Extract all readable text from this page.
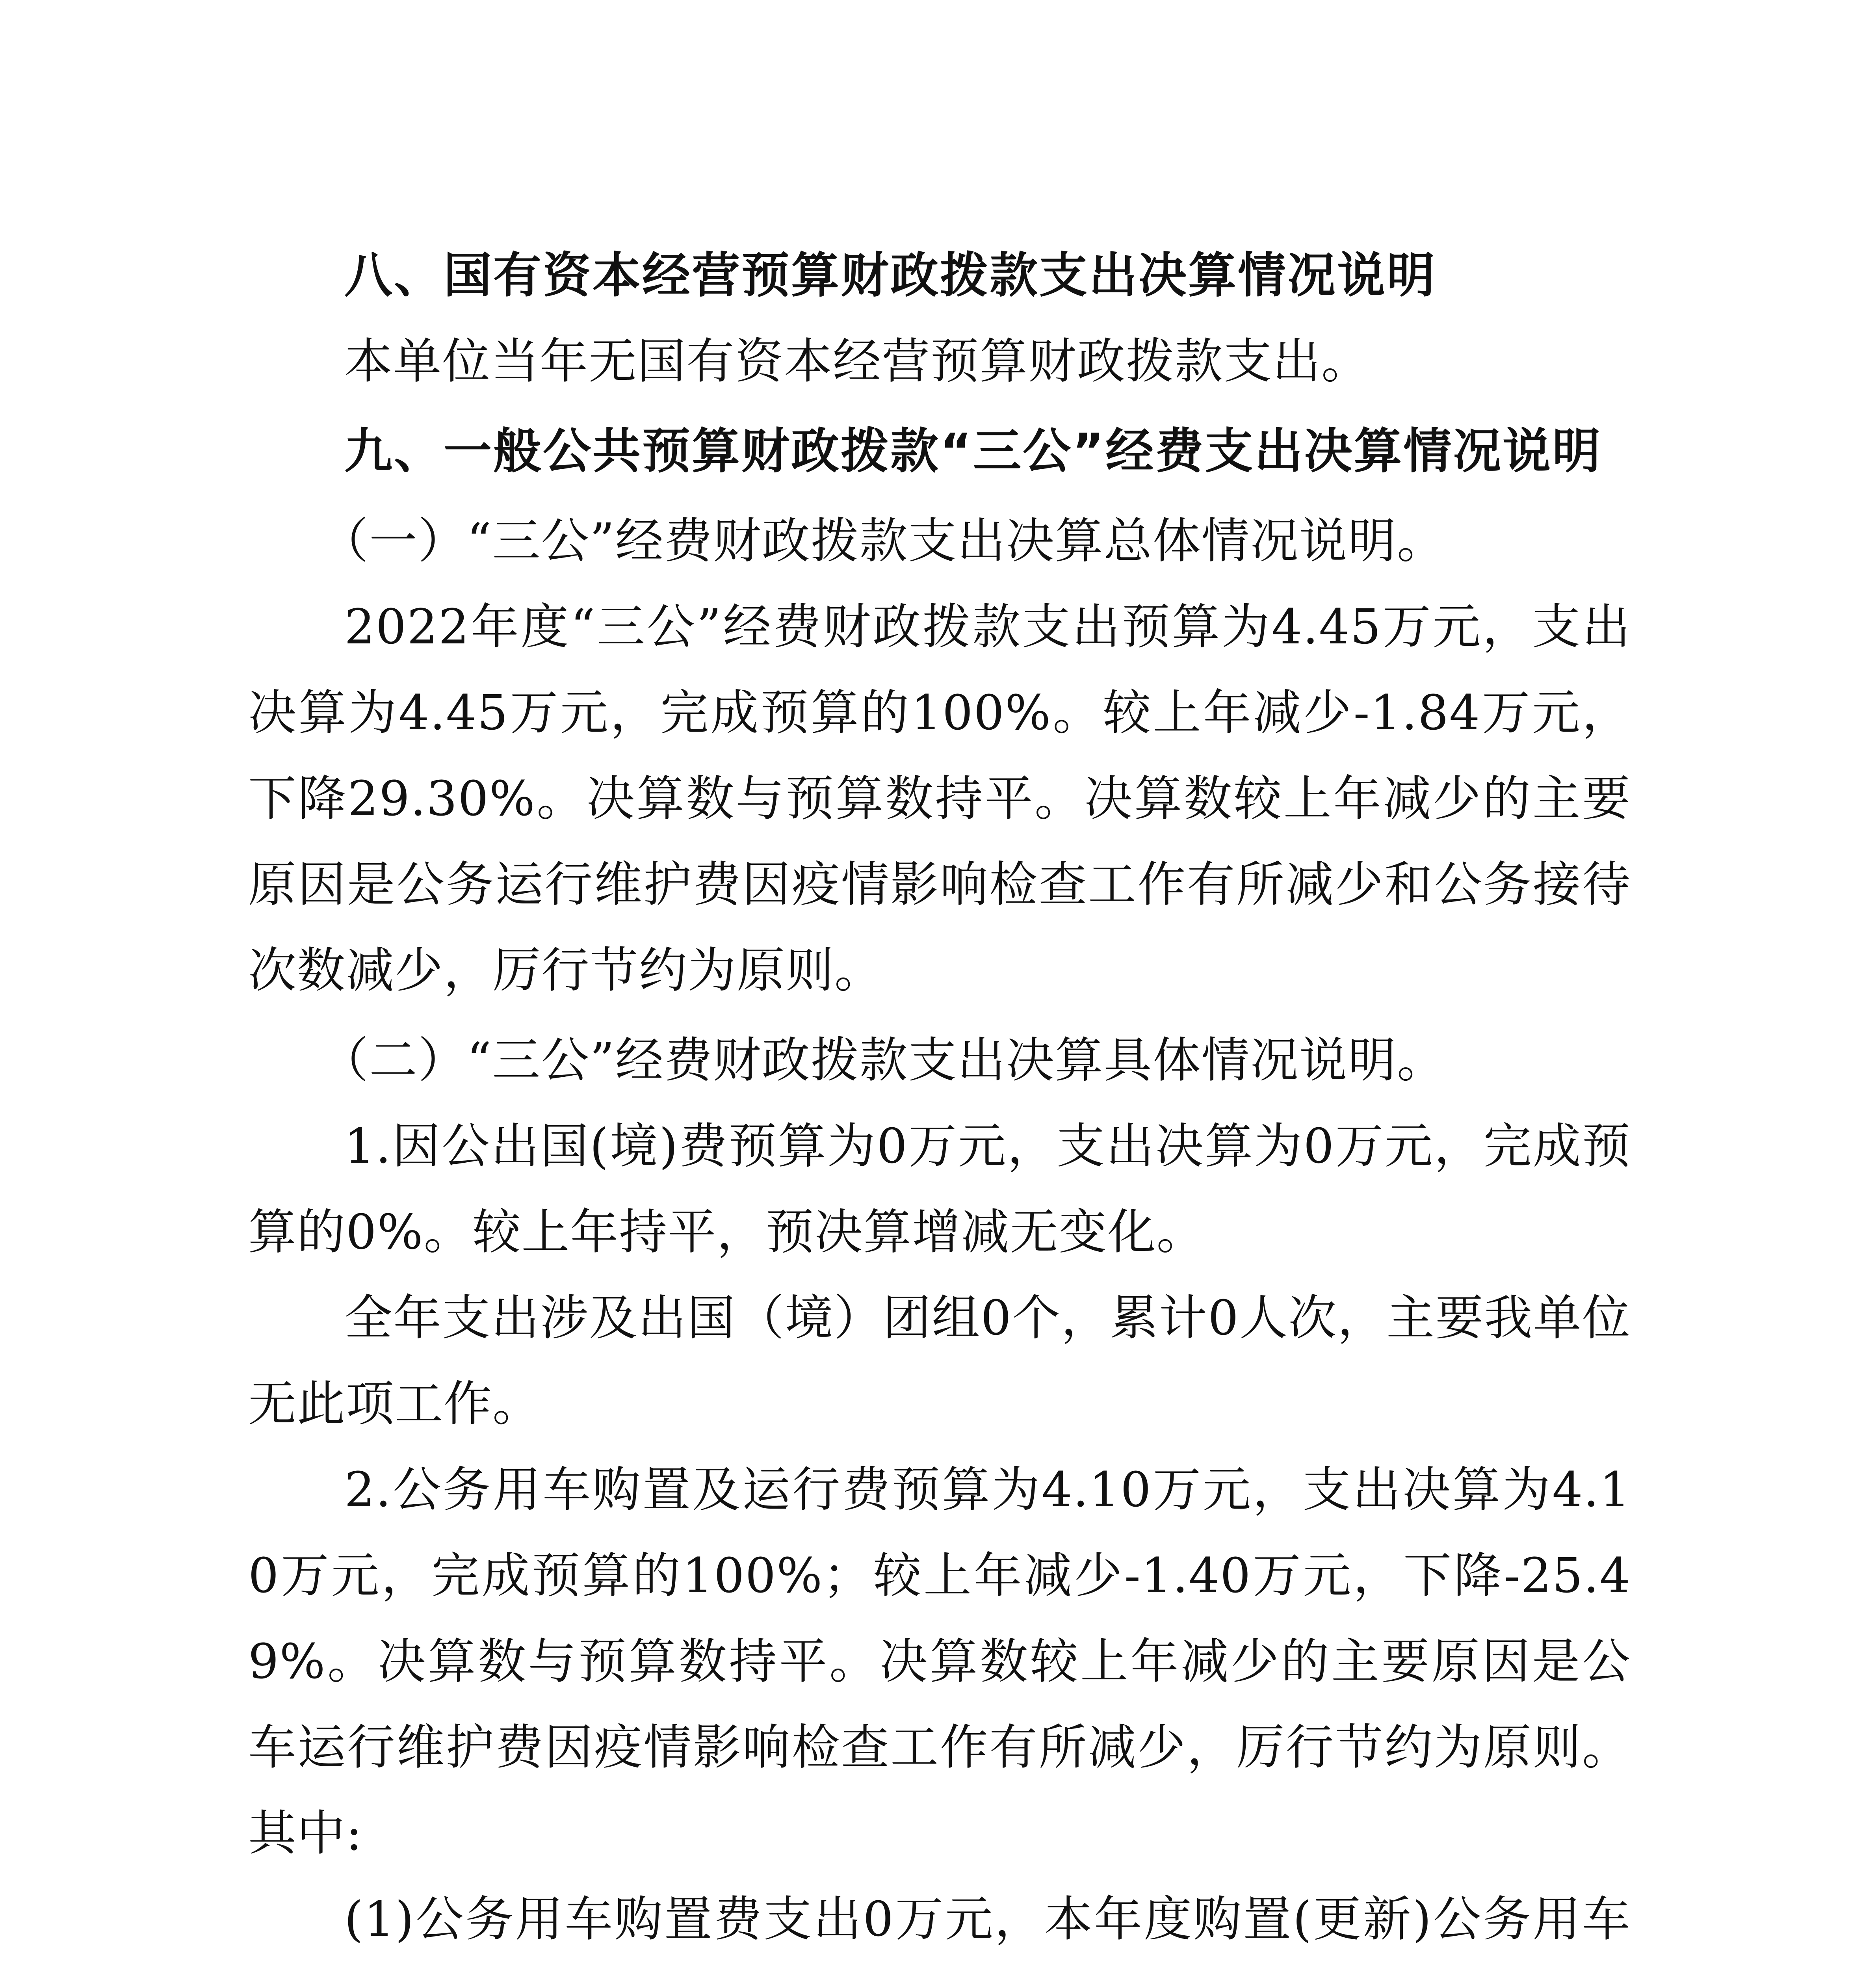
八、国有资本经营预算财政拨款支出决算情况说明

本单位当年无国有资本经营预算财政拨款支出。

九、一般公共预算财政拨款“三公”经费支出决算情况说明

（一）“三公”经费财政拨款支出决算总体情况说明。

2022年度“三公”经费财政拨款支出预算为4.45万元，支出决算为4.45万元，完成预算的100%。较上年减少-1.84万元，下降29.30%。决算数与预算数持平。决算数较上年减少的主要原因是公务运行维护费因疫情影响检查工作有所减少和公务接待次数减少，厉行节约为原则。

（二）“三公”经费财政拨款支出决算具体情况说明。

1.因公出国(境)费预算为0万元，支出决算为0万元，完成预算的0%。较上年持平，预决算增减无变化。

全年支出涉及出国（境）团组0个，累计0人次，主要我单位无此项工作。

2.公务用车购置及运行费预算为4.10万元，支出决算为4.10万元，完成预算的100%；较上年减少-1.40万元，下降-25.49%。决算数与预算数持平。决算数较上年减少的主要原因是公车运行维护费因疫情影响检查工作有所减少，厉行节约为原则。其中:

(1)公务用车购置费支出0万元，本年度购置(更新)公务用车
